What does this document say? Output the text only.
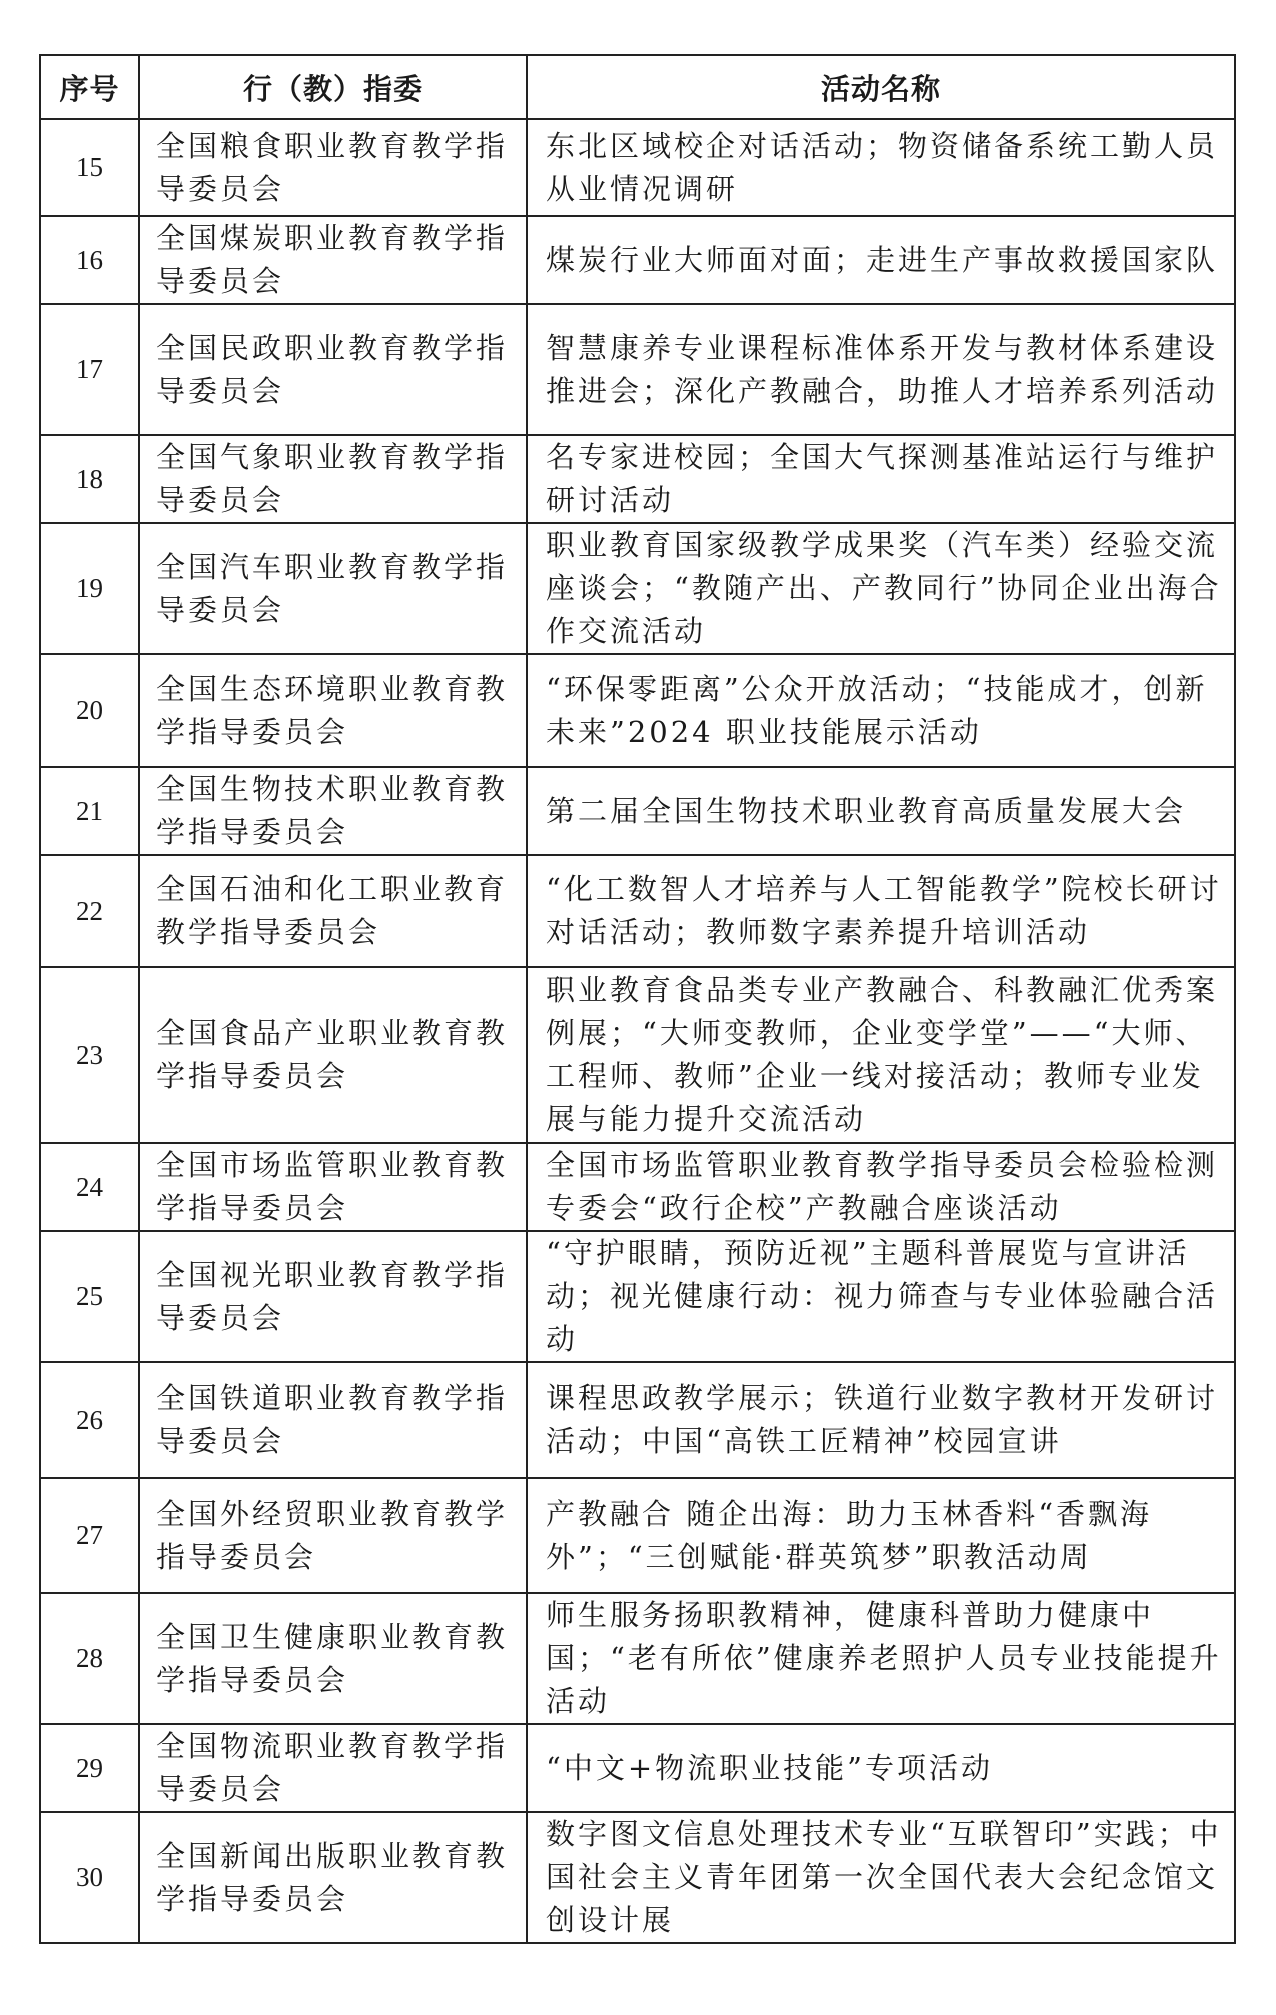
序号	行（教）指委	活动名称
15	全国粮食职业教育教学指导委员会	东北区域校企对话活动；物资储备系统工勤人员从业情况调研
16	全国煤炭职业教育教学指导委员会	煤炭行业大师面对面；走进生产事故救援国家队
17	全国民政职业教育教学指导委员会	智慧康养专业课程标准体系开发与教材体系建设推进会；深化产教融合，助推人才培养系列活动
18	全国气象职业教育教学指导委员会	名专家进校园；全国大气探测基准站运行与维护研讨活动
19	全国汽车职业教育教学指导委员会	职业教育国家级教学成果奖（汽车类）经验交流座谈会；“教随产出、产教同行”协同企业出海合作交流活动
20	全国生态环境职业教育教学指导委员会	“环保零距离”公众开放活动；“技能成才，创新未来”2024 职业技能展示活动
21	全国生物技术职业教育教学指导委员会	第二届全国生物技术职业教育高质量发展大会
22	全国石油和化工职业教育教学指导委员会	“化工数智人才培养与人工智能教学”院校长研讨对话活动；教师数字素养提升培训活动
23	全国食品产业职业教育教学指导委员会	职业教育食品类专业产教融合、科教融汇优秀案例展；“大师变教师，企业变学堂”——“大师、工程师、教师”企业一线对接活动；教师专业发展与能力提升交流活动
24	全国市场监管职业教育教学指导委员会	全国市场监管职业教育教学指导委员会检验检测专委会“政行企校”产教融合座谈活动
25	全国视光职业教育教学指导委员会	“守护眼睛，预防近视”主题科普展览与宣讲活动；视光健康行动：视力筛查与专业体验融合活动
26	全国铁道职业教育教学指导委员会	课程思政教学展示；铁道行业数字教材开发研讨活动；中国“高铁工匠精神”校园宣讲
27	全国外经贸职业教育教学指导委员会	产教融合 随企出海：助力玉林香料“香飘海外”；“三创赋能·群英筑梦”职教活动周
28	全国卫生健康职业教育教学指导委员会	师生服务扬职教精神，健康科普助力健康中国；“老有所依”健康养老照护人员专业技能提升活动
29	全国物流职业教育教学指导委员会	“中文+物流职业技能”专项活动
30	全国新闻出版职业教育教学指导委员会	数字图文信息处理技术专业“互联智印”实践；中国社会主义青年团第一次全国代表大会纪念馆文创设计展
